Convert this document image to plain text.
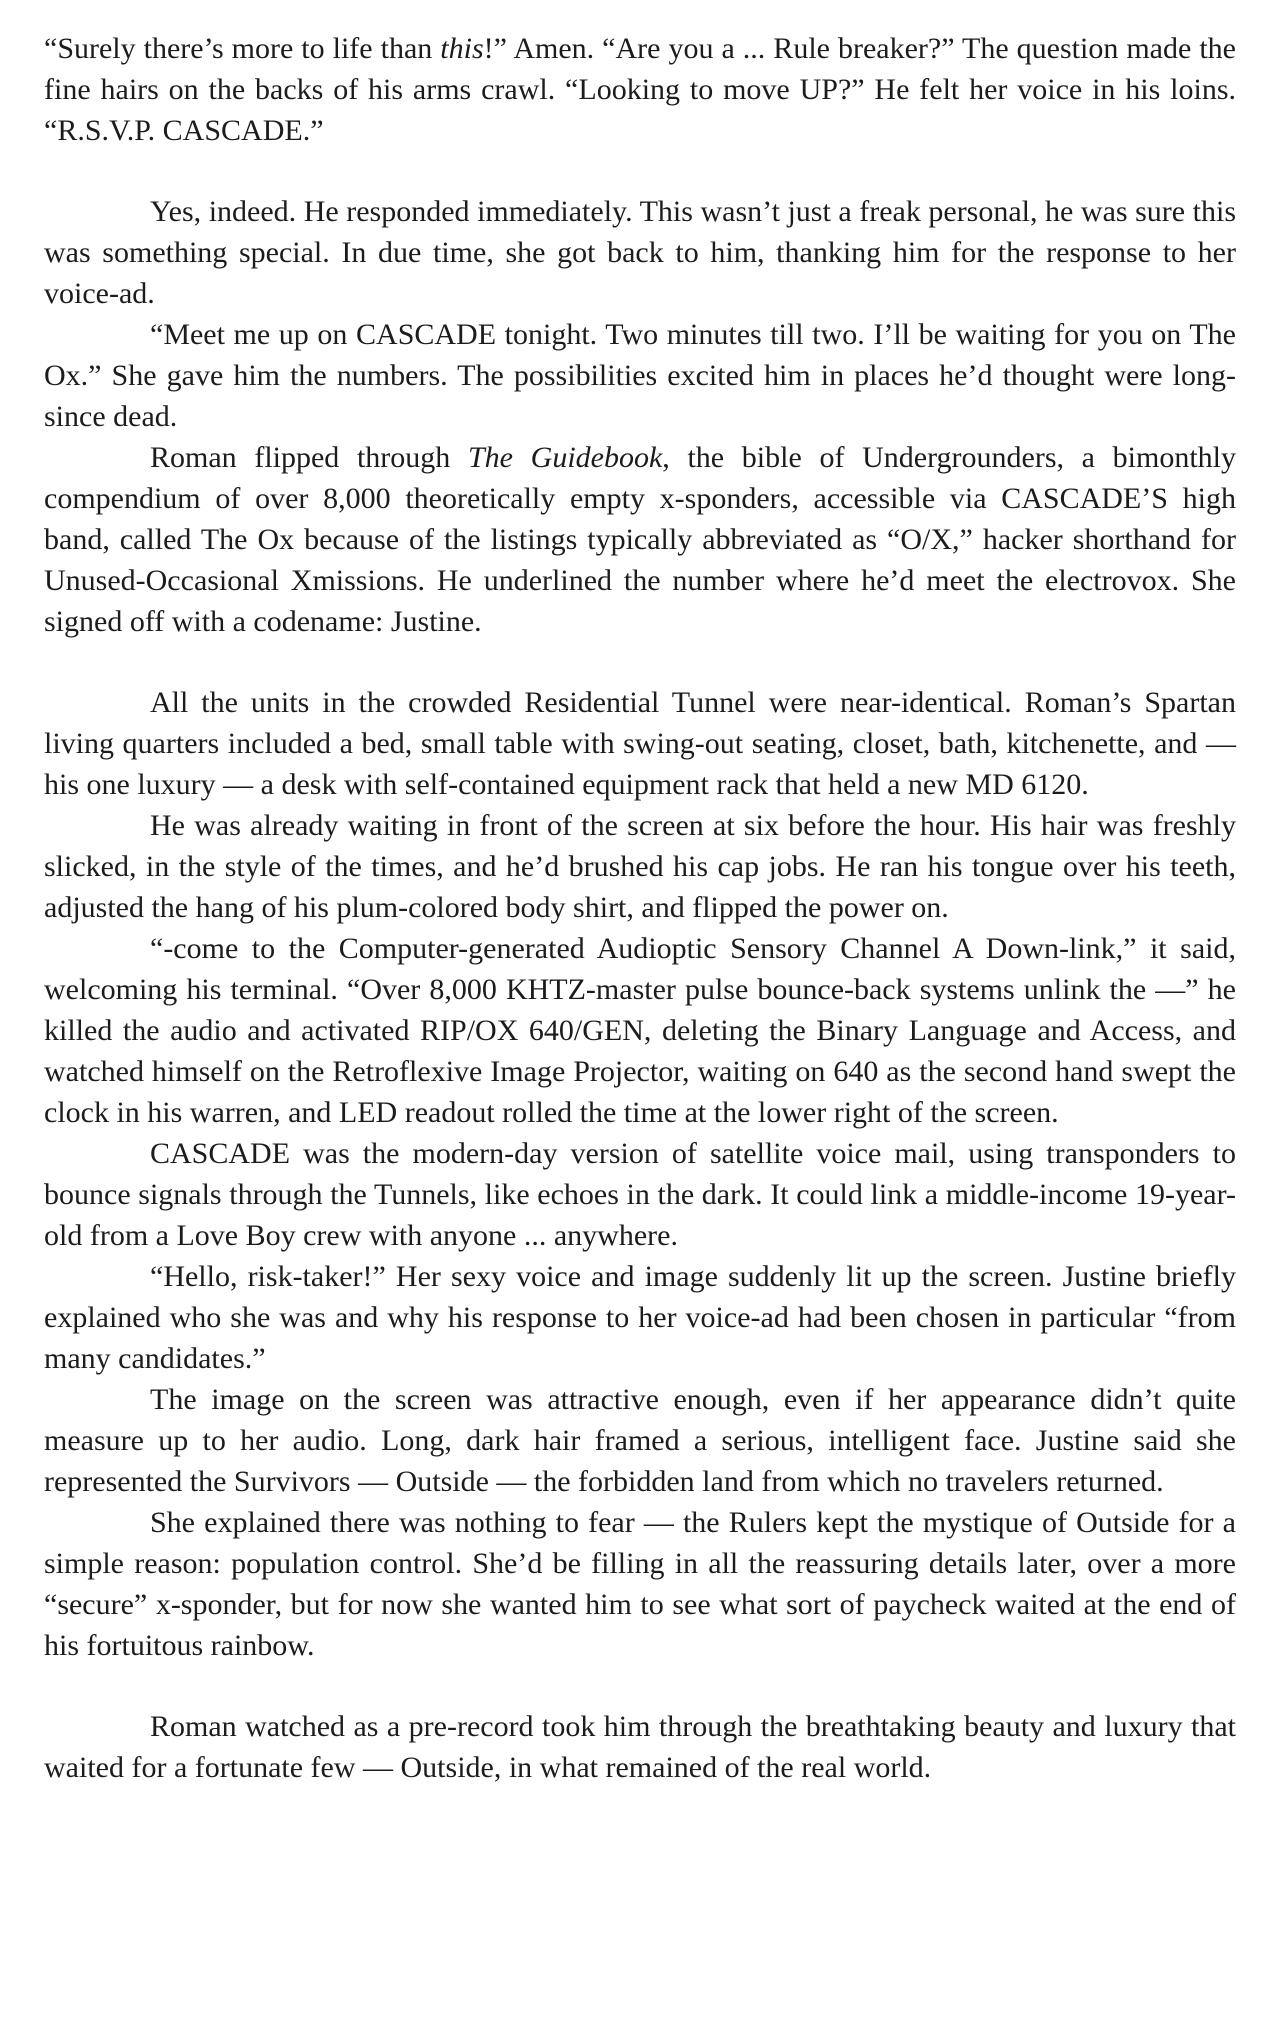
“Surely there’s more to life than this!” Amen. “Are you a ... Rule breaker?” The question made the fine hairs on the backs of his arms crawl. “Looking to move UP?” He felt her voice in his loins. “R.S.V.P. CASCADE.”

Yes, indeed. He responded immediately. This wasn’t just a freak personal, he was sure this was something special. In due time, she got back to him, thanking him for the response to her voice-ad.

“Meet me up on CASCADE tonight. Two minutes till two. I’ll be waiting for you on The Ox.” She gave him the numbers. The possibilities excited him in places he’d thought were long-since dead.

Roman flipped through The Guidebook, the bible of Undergrounders, a bimonthly compendium of over 8,000 theoretically empty x-sponders, accessible via CASCADE’S high band, called The Ox because of the listings typically abbreviated as “O/X,” hacker shorthand for Unused-Occasional Xmissions. He underlined the number where he’d meet the electrovox. She signed off with a codename: Justine.

All the units in the crowded Residential Tunnel were near-identical. Roman’s Spartan living quarters included a bed, small table with swing-out seating, closet, bath, kitchenette, and — his one luxury — a desk with self-contained equipment rack that held a new MD 6120.

He was already waiting in front of the screen at six before the hour. His hair was freshly slicked, in the style of the times, and he’d brushed his cap jobs. He ran his tongue over his teeth, adjusted the hang of his plum-colored body shirt, and flipped the power on.

“-come to the Computer-generated Audioptic Sensory Channel A Down-link,” it said, welcoming his terminal. “Over 8,000 KHTZ-master pulse bounce-back systems unlink the —” he killed the audio and activated RIP/OX 640/GEN, deleting the Binary Language and Access, and watched himself on the Retroflexive Image Projector, waiting on 640 as the second hand swept the clock in his warren, and LED readout rolled the time at the lower right of the screen.

CASCADE was the modern-day version of satellite voice mail, using transponders to bounce signals through the Tunnels, like echoes in the dark. It could link a middle-income 19-year-old from a Love Boy crew with anyone ... anywhere.

“Hello, risk-taker!” Her sexy voice and image suddenly lit up the screen. Justine briefly explained who she was and why his response to her voice-ad had been chosen in particular “from many candidates.”

The image on the screen was attractive enough, even if her appearance didn’t quite measure up to her audio. Long, dark hair framed a serious, intelligent face. Justine said she represented the Survivors — Outside — the forbidden land from which no travelers returned.

She explained there was nothing to fear — the Rulers kept the mystique of Outside for a simple reason: population control. She’d be filling in all the reassuring details later, over a more “secure” x-sponder, but for now she wanted him to see what sort of paycheck waited at the end of his fortuitous rainbow.

Roman watched as a pre-record took him through the breathtaking beauty and luxury that waited for a fortunate few — Outside, in what remained of the real world.
